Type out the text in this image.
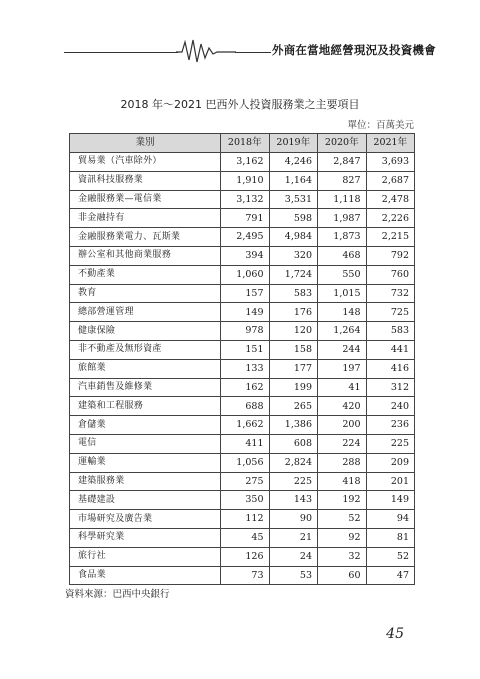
外商在當地經營現況及投資機會
2018 年～2021 巴西外人投資服務業之主要項目
單位：百萬美元
業別	2018年	2019年	2020年	2021年
貿易業（汽車除外）	3,162	4,246	2,847	3,693
資訊科技服務業	1,910	1,164	827	2,687
金融服務業—電信業	3,132	3,531	1,118	2,478
非金融持有	791	598	1,987	2,226
金融服務業電力、瓦斯業	2,495	4,984	1,873	2,215
辦公室和其他商業服務	394	320	468	792
不動產業	1,060	1,724	550	760
教育	157	583	1,015	732
總部營運管理	149	176	148	725
健康保險	978	120	1,264	583
非不動產及無形資產	151	158	244	441
旅館業	133	177	197	416
汽車銷售及維修業	162	199	41	312
建築和工程服務	688	265	420	240
倉儲業	1,662	1,386	200	236
電信	411	608	224	225
運輸業	1,056	2,824	288	209
建築服務業	275	225	418	201
基礎建設	350	143	192	149
市場研究及廣告業	112	90	52	94
科學研究業	45	21	92	81
旅行社	126	24	32	52
食品業	73	53	60	47
資料來源：巴西中央銀行
45
